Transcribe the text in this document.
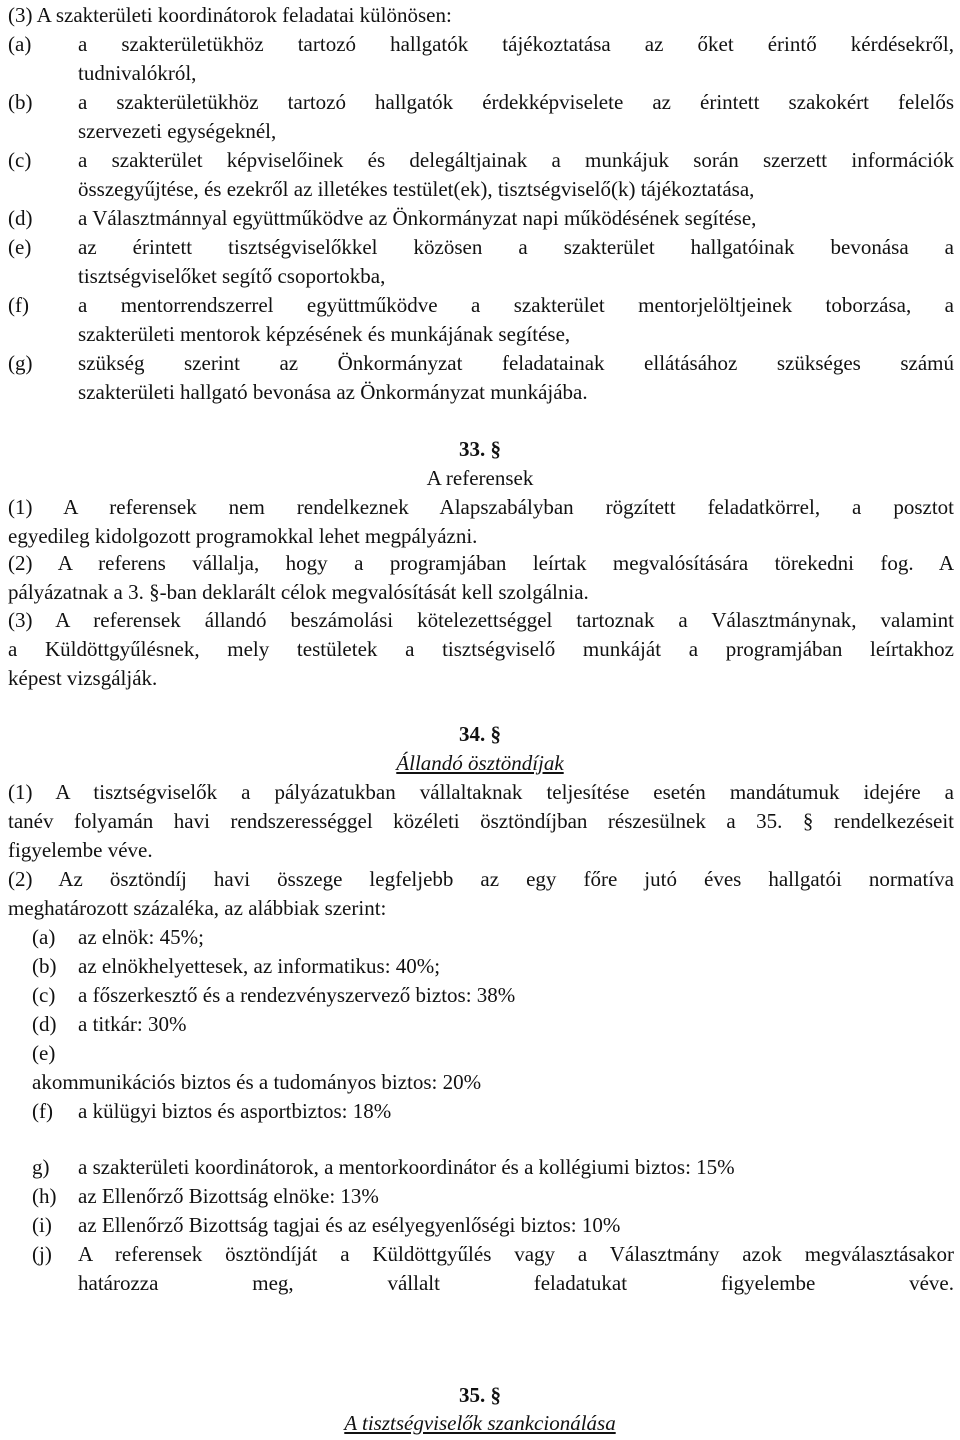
(3) A szakterületi koordinátorok feladatai különösen:
(a) a szakterületükhöz tartozó hallgatók tájékoztatása az őket érintő kérdésekről,
tudnivalókról,
(b) a szakterületükhöz tartozó hallgatók érdekképviselete az érintett szakokért felelős
szervezeti egységeknél,
(c) a szakterület képviselőinek és delegáltjainak a munkájuk során szerzett információk
összegyűjtése, és ezekről az illetékes testület(ek), tisztségviselő(k) tájékoztatása,
(d) a Választmánnyal együttműködve az Önkormányzat napi működésének segítése,
(e) az érintett tisztségviselőkkel közösen a szakterület hallgatóinak bevonása a
tisztségviselőket segítő csoportokba,
(f) a mentorrendszerrel együttműködve a szakterület mentorjelöltjeinek toborzása, a
szakterületi mentorok képzésének és munkájának segítése,
(g) szükség szerint az Önkormányzat feladatainak ellátásához szükséges számú
szakterületi hallgató bevonása az Önkormányzat munkájába.
33. §
A referensek
(1) A referensek nem rendelkeznek Alapszabályban rögzített feladatkörrel, a posztot
egyedileg kidolgozott programokkal lehet megpályázni.
(2) A referens vállalja, hogy a programjában leírtak megvalósítására törekedni fog. A
pályázatnak a 3. §-ban deklarált célok megvalósítását kell szolgálnia.
(3) A referensek állandó beszámolási kötelezettséggel tartoznak a Választmánynak, valamint
a Küldöttgyűlésnek, mely testületek a tisztségviselő munkáját a programjában leírtakhoz
képest vizsgálják.
34. §
Állandó ösztöndíjak
(1) A tisztségviselők a pályázatukban vállaltaknak teljesítése esetén mandátumuk idejére a
tanév folyamán havi rendszerességgel közéleti ösztöndíjban részesülnek a 35. § rendelkezéseit
figyelembe véve.
(2) Az ösztöndíj havi összege legfeljebb az egy főre jutó éves hallgatói normatíva
meghatározott százaléka, az alábbiak szerint:
(a) az elnök: 45%;
(b) az elnökhelyettesek, az informatikus: 40%;
(c) a főszerkesztő és a rendezvényszervező biztos: 38%
(d) a titkár: 30%
(e)
akommunikációs biztos és a tudományos biztos: 20%
(f) a külügyi biztos és asportbiztos: 18%
g) a szakterületi koordinátorok, a mentorkoordinátor és a kollégiumi biztos: 15%
(h) az Ellenőrző Bizottság elnöke: 13%
(i) az Ellenőrző Bizottság tagjai és az esélyegyenlőségi biztos: 10%
(j) A referensek ösztöndíját a Küldöttgyűlés vagy a Választmány azok megválasztásakor
határozza meg, vállalt feladatukat figyelembe véve.
35. §
A tisztségviselők szankcionálása
